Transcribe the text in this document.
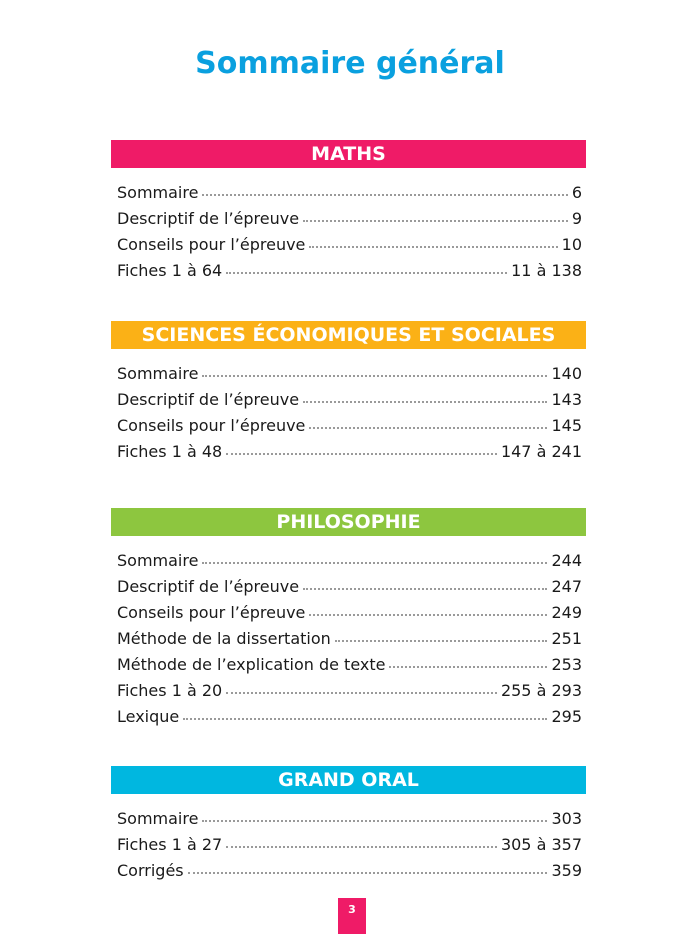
Sommaire général
MATHS
Sommaire	6
Descriptif de l’épreuve	9
Conseils pour l’épreuve	10
Fiches 1 à 64	11 à 138
SCIENCES ÉCONOMIQUES ET SOCIALES
Sommaire	140
Descriptif de l’épreuve	143
Conseils pour l’épreuve	145
Fiches 1 à 48	147 à 241
PHILOSOPHIE
Sommaire	244
Descriptif de l’épreuve	247
Conseils pour l’épreuve	249
Méthode de la dissertation	251
Méthode de l’explication de texte	253
Fiches 1 à 20	255 à 293
Lexique	295
GRAND ORAL
Sommaire	303
Fiches 1 à 27	305 à 357
Corrigés	359
3
